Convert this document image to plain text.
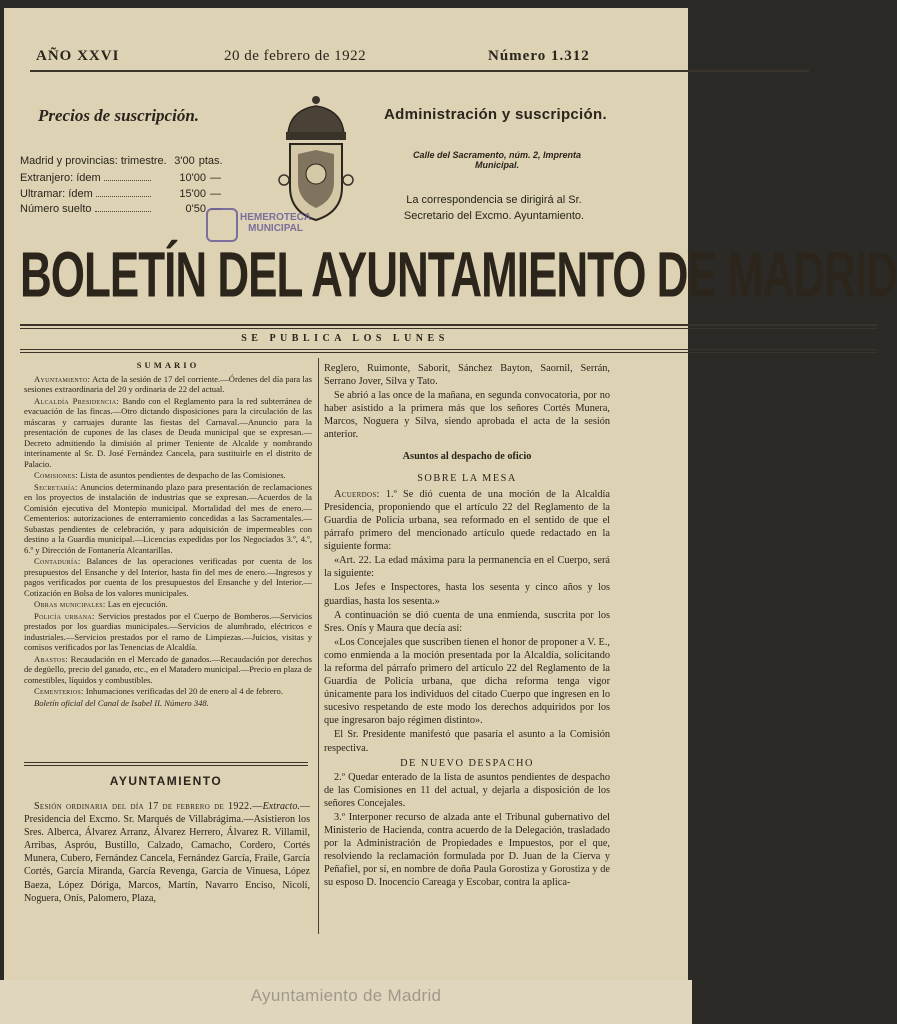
Ayuntamiento de Madrid
AÑO XXVI	20 de febrero de 1922	Número 1.312
Precios de suscripción.
Madrid y provincias: trimestre. 3'00 ptas.
Extranjero: ídem	10'00 —
Ultramar: ídem	15'00 —
Número suelto	0'50 —
HEMEROTECA
MUNICIPAL
Administración y suscripción.
Calle del Sacramento, núm. 2, Imprenta Municipal.
La correspondencia se dirigirá al Sr. Secretario del Excmo. Ayuntamiento.
BOLETÍN DEL AYUNTAMIENTO DE MADRID
SE PUBLICA LOS LUNES

SUMARIO

Ayuntamiento: Acta de la sesión de 17 del corriente.—Órdenes del día para las sesiones extraordinaria del 20 y ordinaria de 22 del actual.

Alcaldía Presidencia: Bando con el Reglamento para la red subterránea de evacuación de las fincas.—Otro dictando disposiciones para la circulación de las máscaras y carruajes durante las fiestas del Carnaval.—Anuncio para la presentación de cupones de las clases de Deuda municipal que se expresan.—Decreto admitiendo la dimisión al primer Teniente de Alcalde y nombrando interinamente al Sr. D. José Fernández Cancela, para sustituirle en el distrito de Palacio.

Comisiones: Lista de asuntos pendientes de despacho de las Comisiones.

Secretaría: Anuncios determinando plazo para presentación de reclamaciones en los proyectos de instalación de industrias que se expresan.—Acuerdos de la Comisión ejecutiva del Montepío municipal. Mortalidad del mes de enero.—Cementerios: autorizaciones de enterramiento concedidas a las Sacramentales.—Subastas pendientes de celebración, y para adquisición de impermeables con destino a la Guardia municipal.—Licencias expedidas por los Negociados 3.º, 4.º, 6.º y Dirección de Fontanería Alcantarillas.

Contaduría: Balances de las operaciones verificadas por cuenta de los presupuestos del Ensanche y del Interior, hasta fin del mes de enero.—Ingresos y pagos verificados por cuenta de los presupuestos del Ensanche y del Interior.—Cotización en Bolsa de los valores municipales.

Obras municipales: Las en ejecución.

Policía urbana: Servicios prestados por el Cuerpo de Bomberos.—Servicios prestados por los guardias municipales.—Servicios de alumbrado, eléctricos e industriales.—Servicios prestados por el ramo de Limpiezas.—Juicios, visitas y comisos verificados por las Tenencias de Alcaldía.

Abastos: Recaudación en el Mercado de ganados.—Recaudación por derechos de degüello, precio del ganado, etc., en el Matadero municipal.—Precio en plaza de comestibles, líquidos y combustibles.

Cementerios: Inhumaciones verificadas del 20 de enero al 4 de febrero.

Boletín oficial del Canal de Isabel II. Número 348.

AYUNTAMIENTO

Sesión ordinaria del día 17 de febrero de 1922.—Extracto.—Presidencia del Excmo. Sr. Marqués de Villabrágima.—Asistieron los Sres. Alberca, Álvarez Arranz, Álvarez Herrero, Álvarez R. Villamil, Arribas, Aspróu, Bustillo, Calzado, Camacho, Cordero, Cortés Munera, Cubero, Fernández Cancela, Fernández García, Fraile, García Cortés, García Miranda, García Revenga, García de Vinuesa, López Baeza, López Dóriga, Marcos, Martín, Navarro Enciso, Nicolí, Noguera, Onís, Palomero, Plaza,

Reglero, Ruimonte, Saborit, Sánchez Bayton, Saornil, Serrán, Serrano Jover, Silva y Tato.

Se abrió a las once de la mañana, en segunda convocatoria, por no haber asistido a la primera más que los señores Cortés Munera, Marcos, Noguera y Silva, siendo aprobada el acta de la sesión anterior.

Asuntos al despacho de oficio

SOBRE LA MESA

Acuerdos: 1.º Se dió cuenta de una moción de la Alcaldía Presidencia, proponiendo que el artículo 22 del Reglamento de la Guardia de Policía urbana, sea reformado en el sentido de que el párrafo primero del mencionado artículo quede redactado en la siguiente forma:

«Art. 22. La edad máxima para la permanencia en el Cuerpo, será la siguiente:

Los Jefes e Inspectores, hasta los sesenta y cinco años y los guardias, hasta los sesenta.»

A continuación se dió cuenta de una enmienda, suscrita por los Sres. Onís y Maura que decía así:

«Los Concejales que suscriben tienen el honor de proponer a V. E., como enmienda a la moción presentada por la Alcaldía, solicitando la reforma del párrafo primero del artículo 22 del Reglamento de la Guardia de Policía urbana, que dicha reforma tenga vigor únicamente para los individuos del citado Cuerpo que ingresen en lo sucesivo respetando de este modo los derechos adquiridos por los que ingresaron bajo régimen distinto».

El Sr. Presidente manifestó que pasaría el asunto a la Comisión respectiva.

DE NUEVO DESPACHO

2.º Quedar enterado de la lista de asuntos pendientes de despacho de las Comisiones en 11 del actual, y dejarla a disposición de los señores Concejales.

3.º Interponer recurso de alzada ante el Tribunal gubernativo del Ministerio de Hacienda, contra acuerdo de la Delegación, trasladado por la Administración de Propiedades e Impuestos, por el que, resolviendo la reclamación formulada por D. Juan de la Cierva y Peñafiel, por sí, en nombre de doña Paula Gorostiza y Gorostiza y de su esposo D. Inocencio Careaga y Escobar, contra la aplica-
